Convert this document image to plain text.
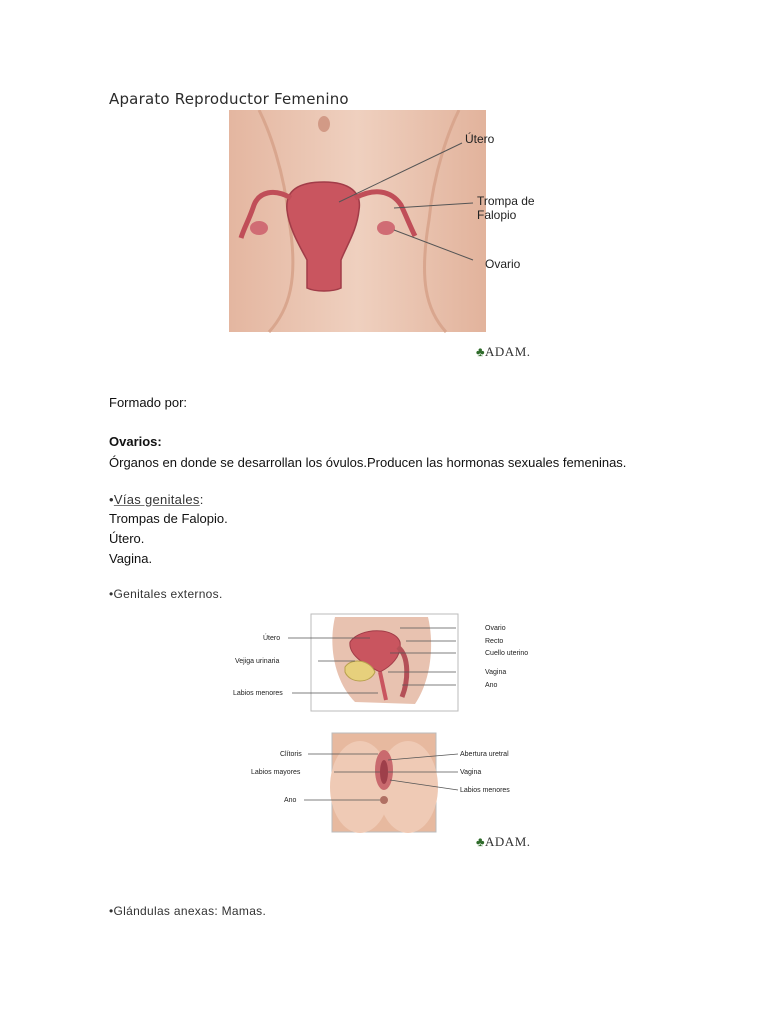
Aparato Reproductor Femenino
Útero
Trompa de
Falopio
Ovario
♣ADAM.
Formado por:
Ovarios:
Órganos en donde se desarrollan los óvulos.Producen las hormonas sexuales femeninas.
•Vías genitales:
Trompas de Falopio.
Útero.
Vagina.
•Genitales externos.
Útero
Vejiga urinaria
Labios menores
Ovario
Recto
Cuello uterino
Vagina
Ano
Clítoris
Labios mayores
Ano
Abertura uretral
Vagina
Labios menores
♣ADAM.
•Glándulas anexas: Mamas.
